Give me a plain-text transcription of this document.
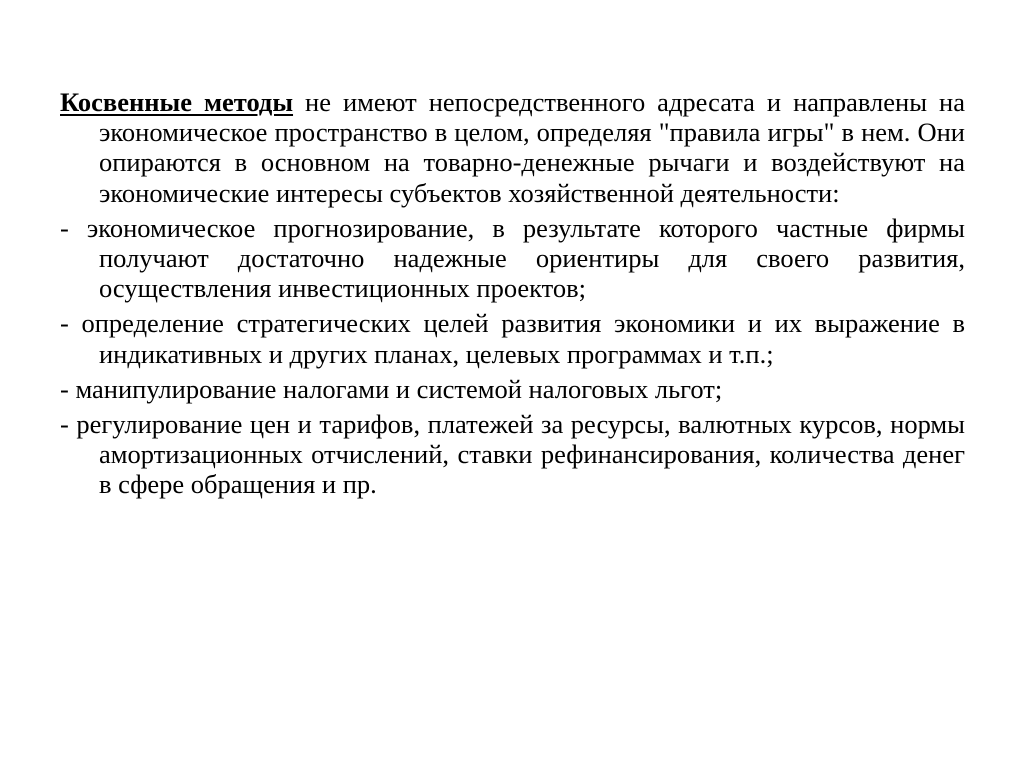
Косвенные методы не имеют непосредственного адресата и направлены на экономическое пространство в целом, определяя "правила игры" в нем. Они опираются в основном на товарно-денежные рычаги и воздействуют на экономические интересы субъектов хозяйственной деятельности:

- экономическое прогнозирование, в результате которого частные фирмы получают достаточно надежные ориентиры для своего развития, осуществления инвестиционных проектов;

- определение стратегических целей развития экономики и их выражение в индикативных и других планах, целевых программах и т.п.;

- манипулирование налогами и системой налоговых льгот;

- регулирование цен и тарифов, платежей за ресурсы, валютных курсов, нормы амортизационных отчислений, ставки рефинансирования, количества денег в сфере обращения и пр.
